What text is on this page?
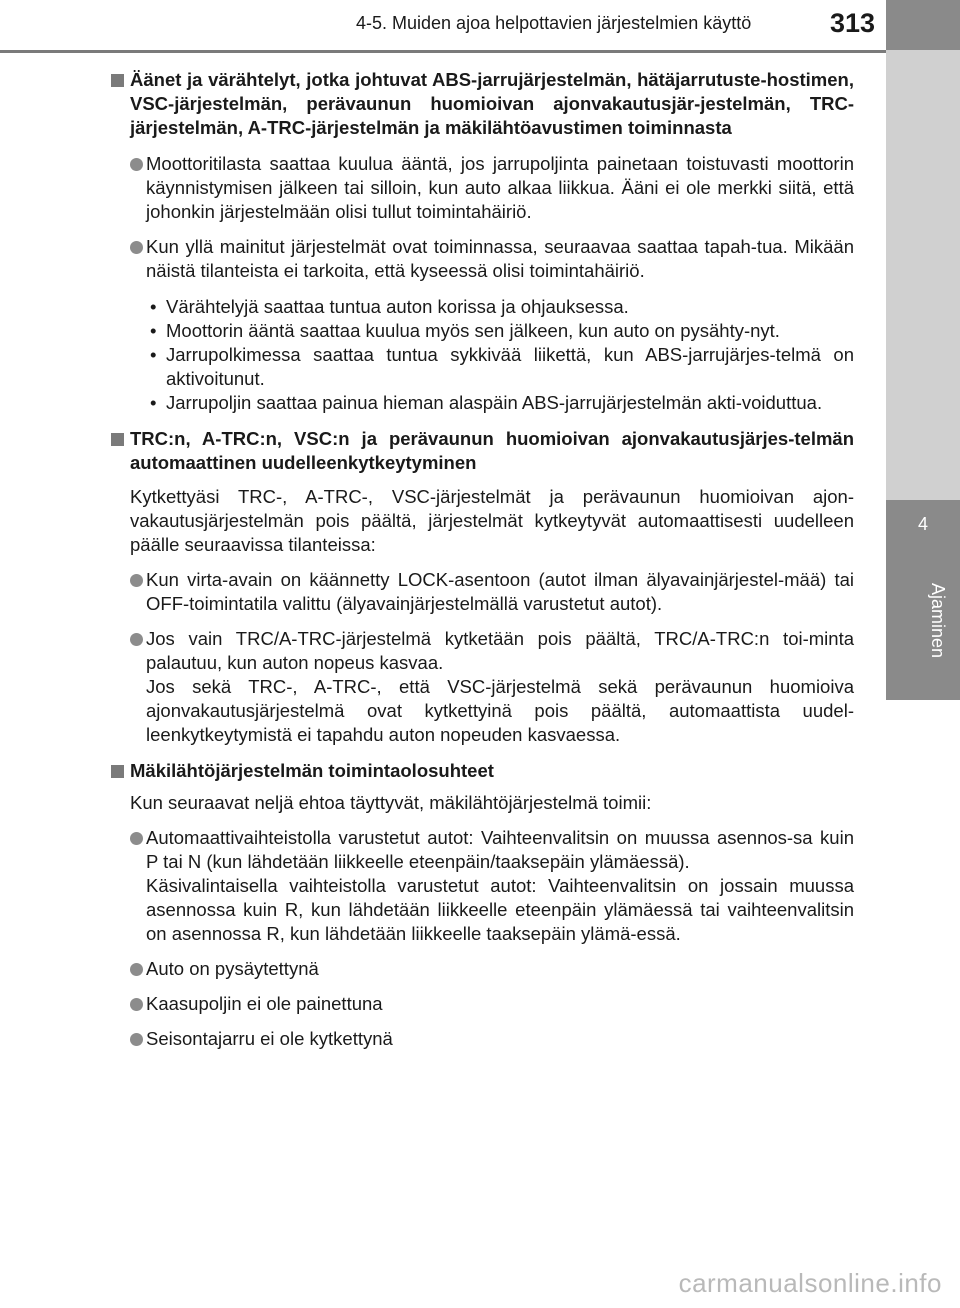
4-5. Muiden ajoa helpottavien järjestelmien käyttö	313
4
Ajaminen
Äänet ja värähtelyt, jotka johtuvat ABS-jarrujärjestelmän, hätäjarrutuste-hostimen, VSC-järjestelmän, perävaunun huomioivan ajonvakautusjär-jestelmän, TRC-järjestelmän, A-TRC-järjestelmän ja mäkilähtöavustimen toiminnasta
Moottoritilasta saattaa kuulua ääntä, jos jarrupoljinta painetaan toistuvasti moottorin käynnistymisen jälkeen tai silloin, kun auto alkaa liikkua. Ääni ei ole merkki siitä, että johonkin järjestelmään olisi tullut toimintahäiriö.
Kun yllä mainitut järjestelmät ovat toiminnassa, seuraavaa saattaa tapah-tua. Mikään näistä tilanteista ei tarkoita, että kyseessä olisi toimintahäiriö.
• Värähtelyjä saattaa tuntua auton korissa ja ohjauksessa.
• Moottorin ääntä saattaa kuulua myös sen jälkeen, kun auto on pysähty-nyt.
• Jarrupolkimessa saattaa tuntua sykkivää liikettä, kun ABS-jarrujärjes-telmä on aktivoitunut.
• Jarrupoljin saattaa painua hieman alaspäin ABS-jarrujärjestelmän akti-voiduttua.
TRC:n, A-TRC:n, VSC:n ja perävaunun huomioivan ajonvakautusjärjes-telmän automaattinen uudelleenkytkeytyminen
Kytkettyäsi TRC-, A-TRC-, VSC-järjestelmät ja perävaunun huomioivan ajon-vakautusjärjestelmän pois päältä, järjestelmät kytkeytyvät automaattisesti uudelleen päälle seuraavissa tilanteissa:
Kun virta-avain on käännetty LOCK-asentoon (autot ilman älyavainjärjestel-mää) tai OFF-toimintatila valittu (älyavainjärjestelmällä varustetut autot).
Jos vain TRC/A-TRC-järjestelmä kytketään pois päältä, TRC/A-TRC:n toi-minta palautuu, kun auton nopeus kasvaa.
Jos sekä TRC-, A-TRC-, että VSC-järjestelmä sekä perävaunun huomioiva ajonvakautusjärjestelmä ovat kytkettyinä pois päältä, automaattista uudel-leenkytkeytymistä ei tapahdu auton nopeuden kasvaessa.
Mäkilähtöjärjestelmän toimintaolosuhteet
Kun seuraavat neljä ehtoa täyttyvät, mäkilähtöjärjestelmä toimii:
Automaattivaihteistolla varustetut autot: Vaihteenvalitsin on muussa asennos-sa kuin P tai N (kun lähdetään liikkeelle eteenpäin/taaksepäin ylämäessä).
Käsivalintaisella vaihteistolla varustetut autot: Vaihteenvalitsin on jossain muussa asennossa kuin R, kun lähdetään liikkeelle eteenpäin ylämäessä tai vaihteenvalitsin on asennossa R, kun lähdetään liikkeelle taaksepäin ylämä-essä.
Auto on pysäytettynä
Kaasupoljin ei ole painettuna
Seisontajarru ei ole kytkettynä
carmanualsonline.info
